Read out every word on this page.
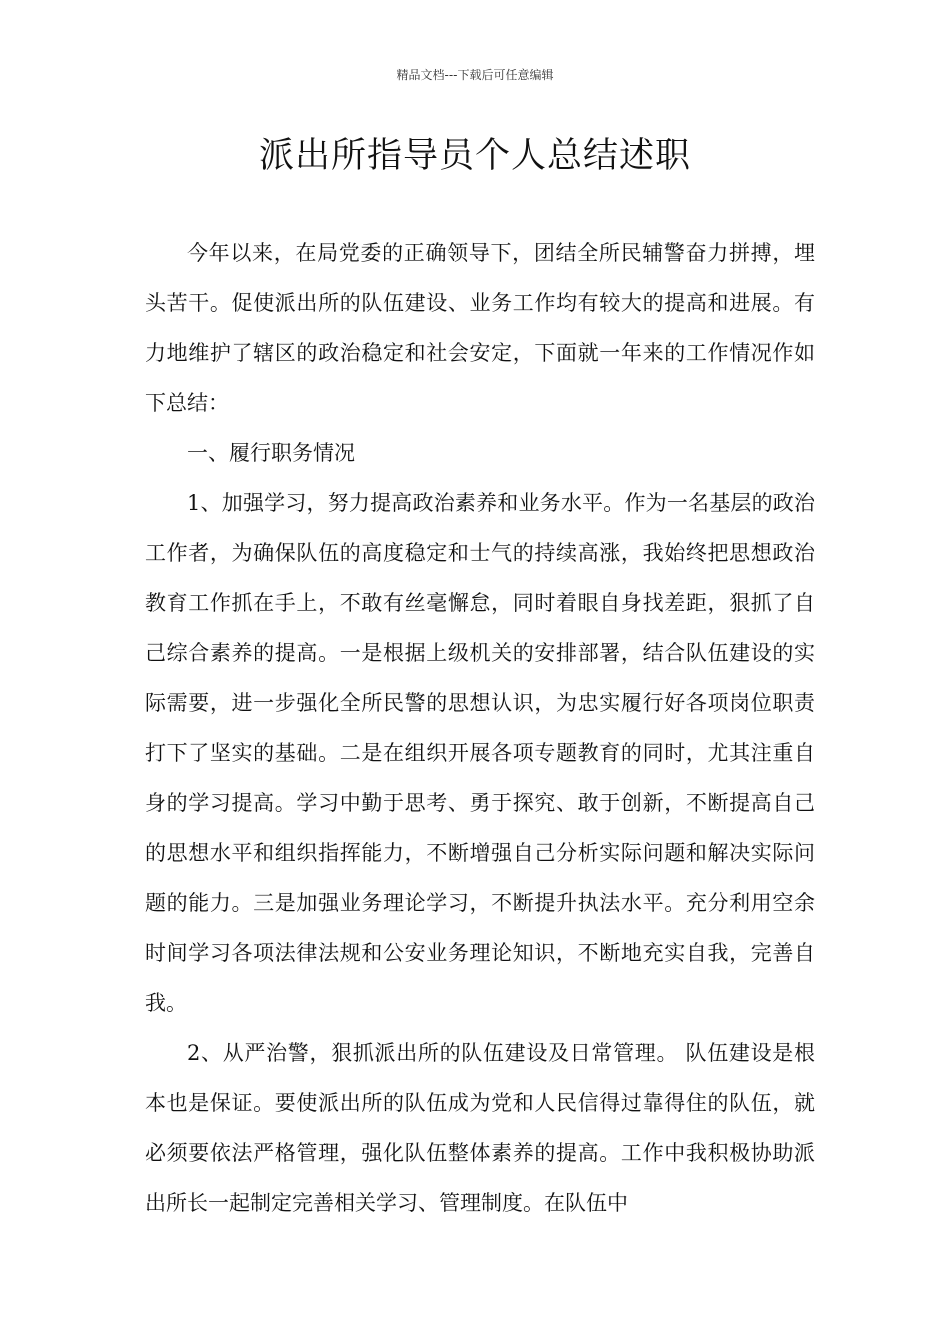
精品文档---下载后可任意编辑
派出所指导员个人总结述职

今年以来，在局党委的正确领导下，团结全所民辅警奋力拼搏，埋头苦干。促使派出所的队伍建设、业务工作均有较大的提高和进展。有力地维护了辖区的政治稳定和社会安定，下面就一年来的工作情况作如下总结：

一、履行职务情况

1、加强学习，努力提高政治素养和业务水平。作为一名基层的政治工作者，为确保队伍的高度稳定和士气的持续高涨，我始终把思想政治教育工作抓在手上，不敢有丝毫懈怠，同时着眼自身找差距，狠抓了自己综合素养的提高。一是根据上级机关的安排部署，结合队伍建设的实际需要，进一步强化全所民警的思想认识，为忠实履行好各项岗位职责打下了坚实的基础。二是在组织开展各项专题教育的同时，尤其注重自身的学习提高。学习中勤于思考、勇于探究、敢于创新，不断提高自己的思想水平和组织指挥能力，不断增强自己分析实际问题和解决实际问题的能力。三是加强业务理论学习，不断提升执法水平。充分利用空余时间学习各项法律法规和公安业务理论知识，不断地充实自我，完善自我。

2、从严治警，狠抓派出所的队伍建设及日常管理。 队伍建设是根本也是保证。要使派出所的队伍成为党和人民信得过靠得住的队伍，就必须要依法严格管理，强化队伍整体素养的提高。工作中我积极协助派出所长一起制定完善相关学习、管理制度。在队伍中
